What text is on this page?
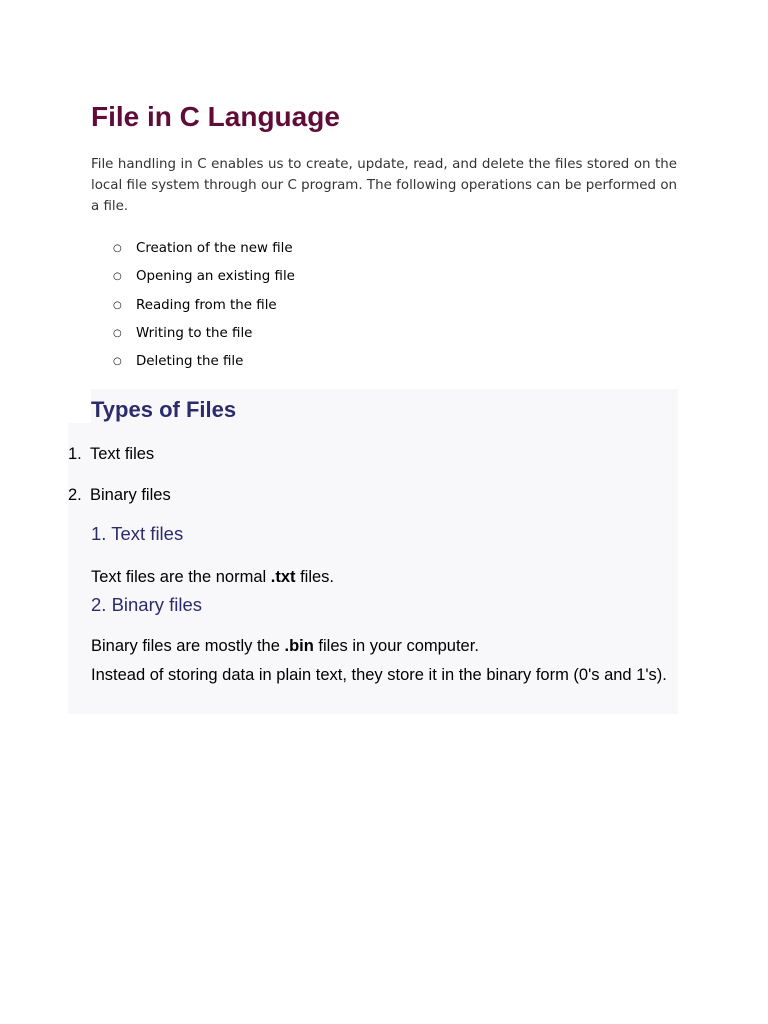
File in C Language

File handling in C enables us to create, update, read, and delete the files stored on the local file system through our C program. The following operations can be performed on a file.

○ Creation of the new file
○ Opening an existing file
○ Reading from the file
○ Writing to the file
○ Deleting the file
Types of Files
1. Text files
2. Binary files
1. Text files

Text files are the normal .txt files.

2. Binary files

Binary files are mostly the .bin files in your computer.

Instead of storing data in plain text, they store it in the binary form (0's and 1's).
